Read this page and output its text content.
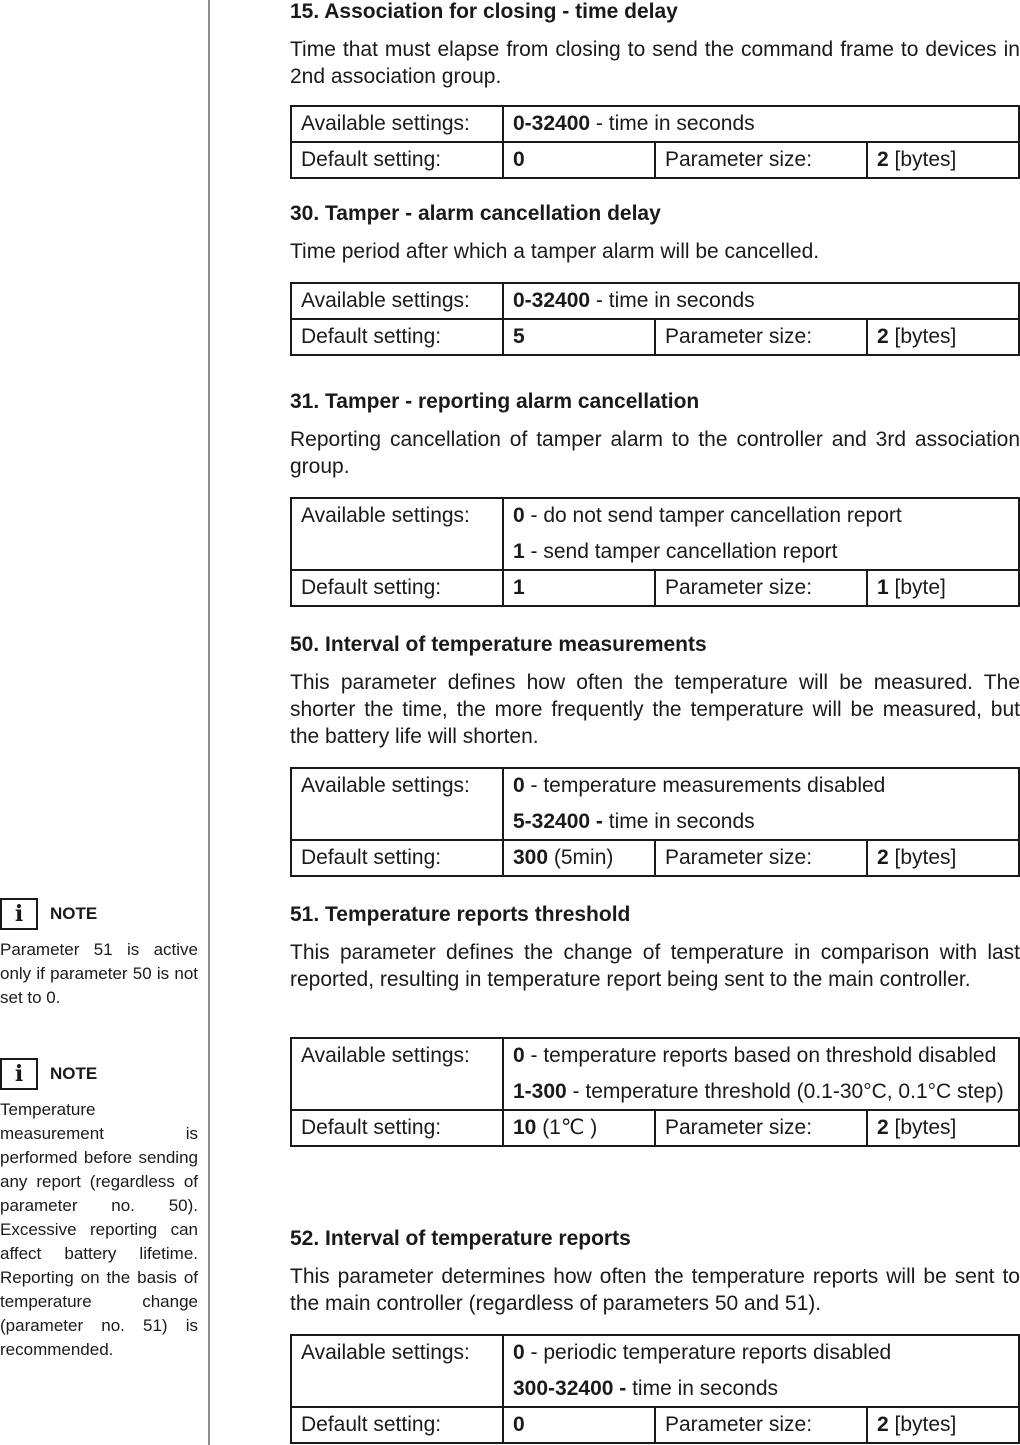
i	NOTE
Parameter 51 is active only if parameter 50 is not set to 0.
i	NOTE
Temperature measurement is performed before sending any report (regardless of parameter no. 50). Excessive reporting can affect battery lifetime. Reporting on the basis of temperature change (parameter no. 51) is recommended.
15. Association for closing - time delay

Time that must elapse from closing to send the command frame to devices in 2nd association group.

Available settings:	0-32400 - time in seconds		

Default setting:	0	Parameter size:	2 [bytes]
30. Tamper - alarm cancellation delay

Time period after which a tamper alarm will be cancelled.

Available settings:	0-32400 - time in seconds		

Default setting:	5	Parameter size:	2 [bytes]
31. Tamper - reporting alarm cancellation

Reporting cancellation of tamper alarm to the controller and 3rd association group.

Available settings:	0 - do not send tamper cancellation report
1 - send tamper cancellation report		

Default setting:	1	Parameter size:	1 [byte]
50. Interval of temperature measurements

This parameter defines how often the temperature will be measured. The shorter the time, the more frequently the temperature will be measured, but the battery life will shorten.

Available settings:	0 - temperature measurements disabled
5-32400 - time in seconds		

Default setting:	300 (5min)	Parameter size:	2 [bytes]
51. Temperature reports threshold

This parameter defines the change of temperature in comparison with last reported, resulting in temperature report being sent to the main controller.

Available settings:	0 - temperature reports based on threshold disabled
1-300 - temperature threshold (0.1-30°C, 0.1°C step)		

Default setting:	10 (1℃ )	Parameter size:	2 [bytes]
52. Interval of temperature reports

This parameter determines how often the temperature reports will be sent to the main controller (regardless of parameters 50 and 51).

Available settings:	0 - periodic temperature reports disabled
300-32400 - time in seconds		

Default setting:	0	Parameter size:	2 [bytes]
